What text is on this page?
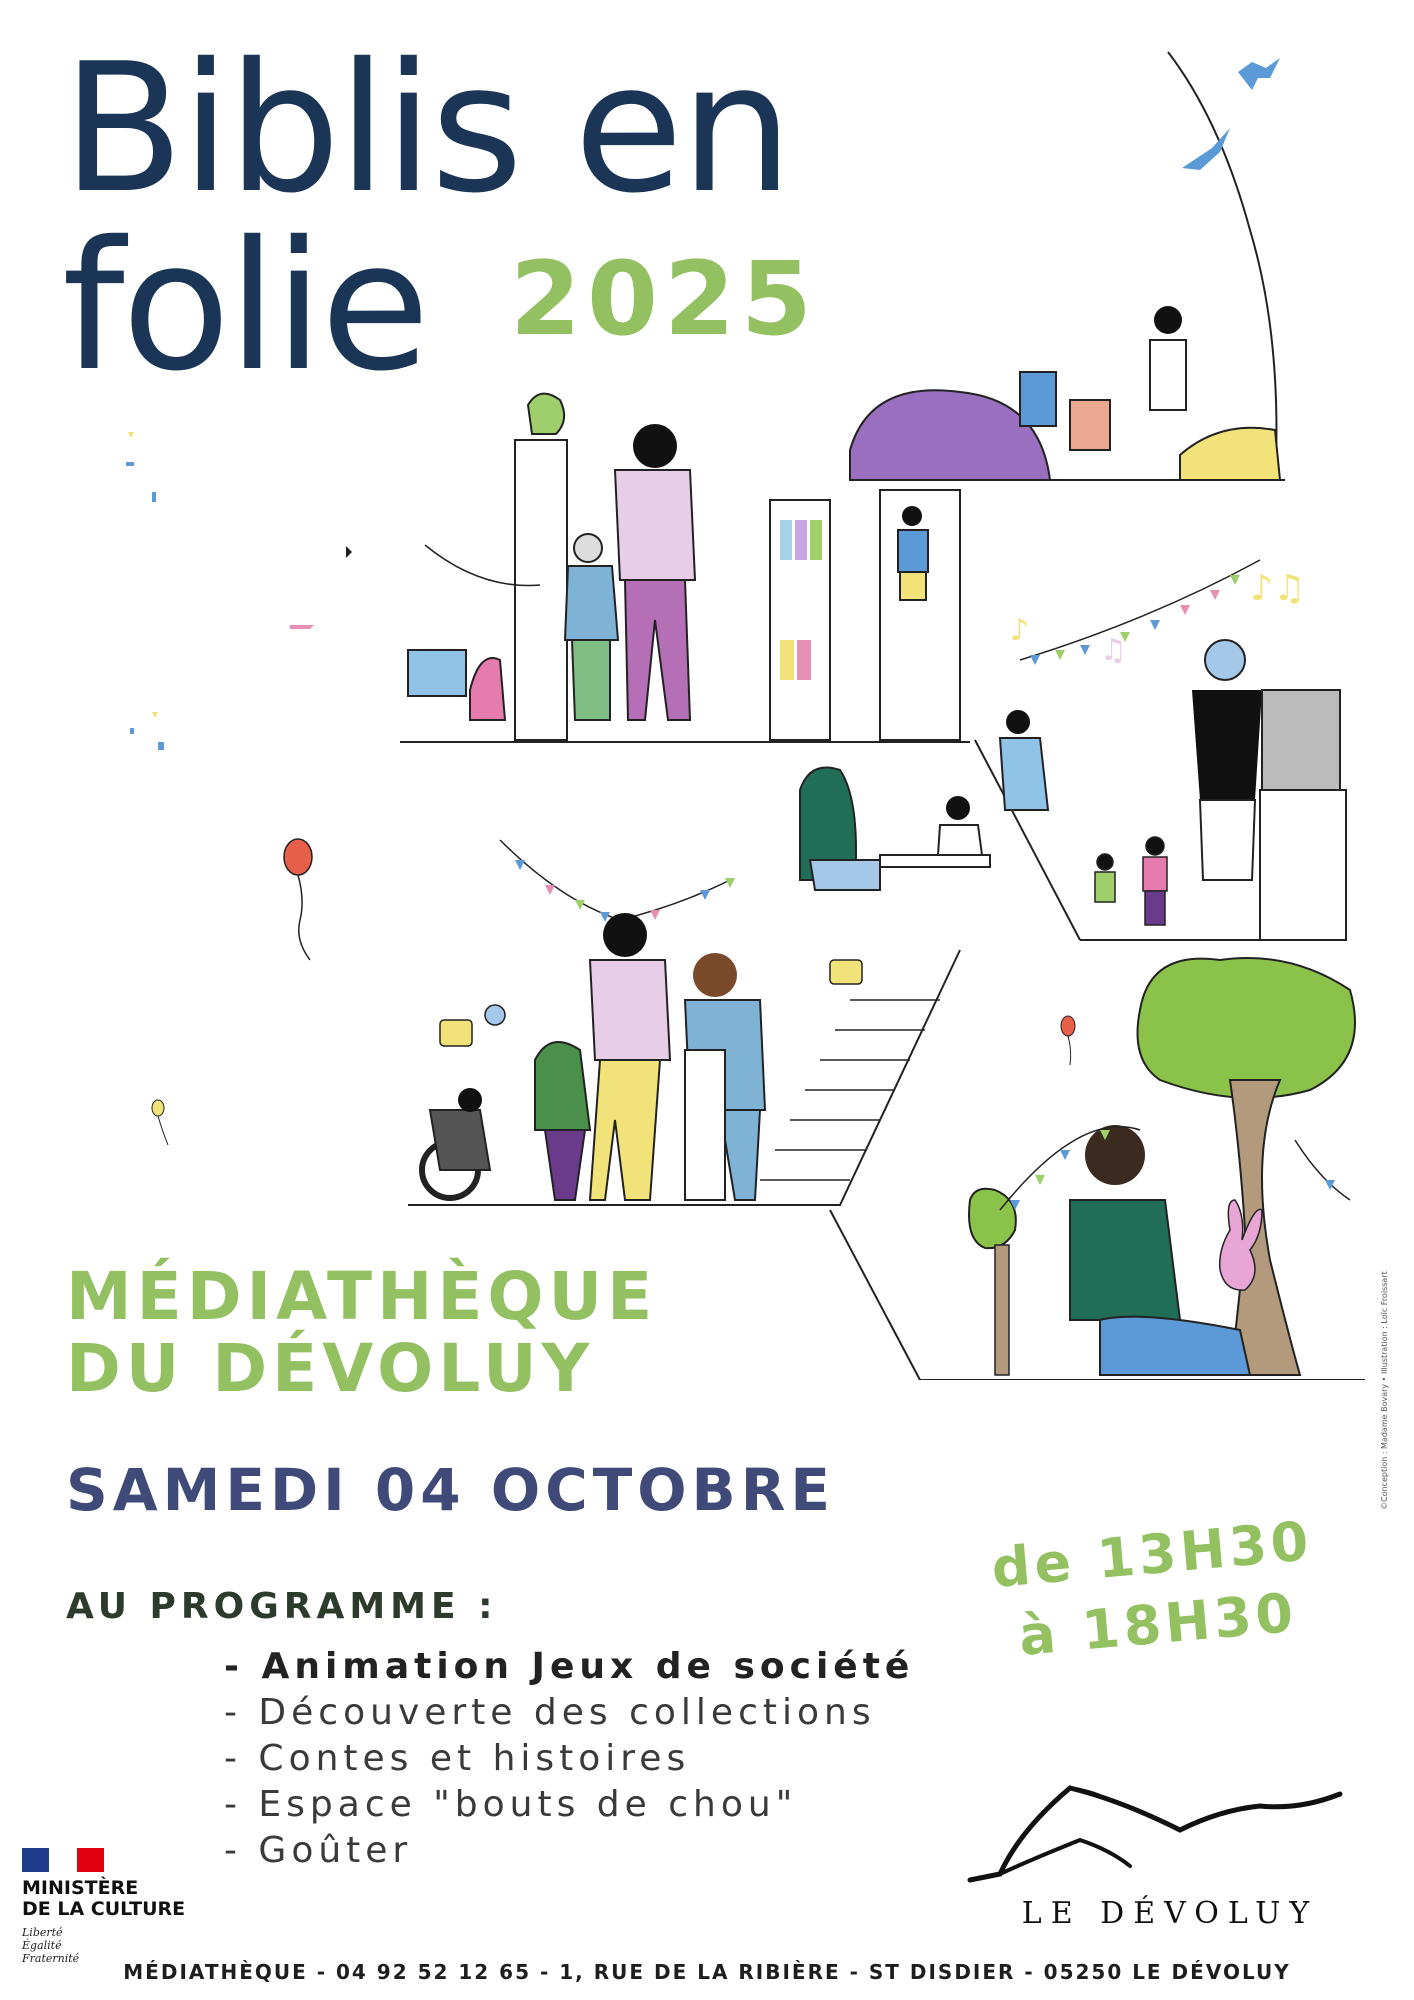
Biblis en
folie 2025
♪♫
♪
♫
MÉDIATHÈQUE
DU DÉVOLUY
SAMEDI 04 OCTOBRE
de 13H30
à 18H30
AU PROGRAMME :
- Animation Jeux de société
- Découverte des collections
- Contes et histoires
- Espace "bouts de chou"
- Goûter
©Conception : Madame Bovary • Illustration : Loïc Froissart
MINISTÈRE
DE LA CULTURE
Liberté
Égalité
Fraternité
LE DÉVOLUY
MÉDIATHÈQUE - 04 92 52 12 65 - 1, RUE DE LA RIBIÈRE - ST DISDIER - 05250 LE DÉVOLUY
